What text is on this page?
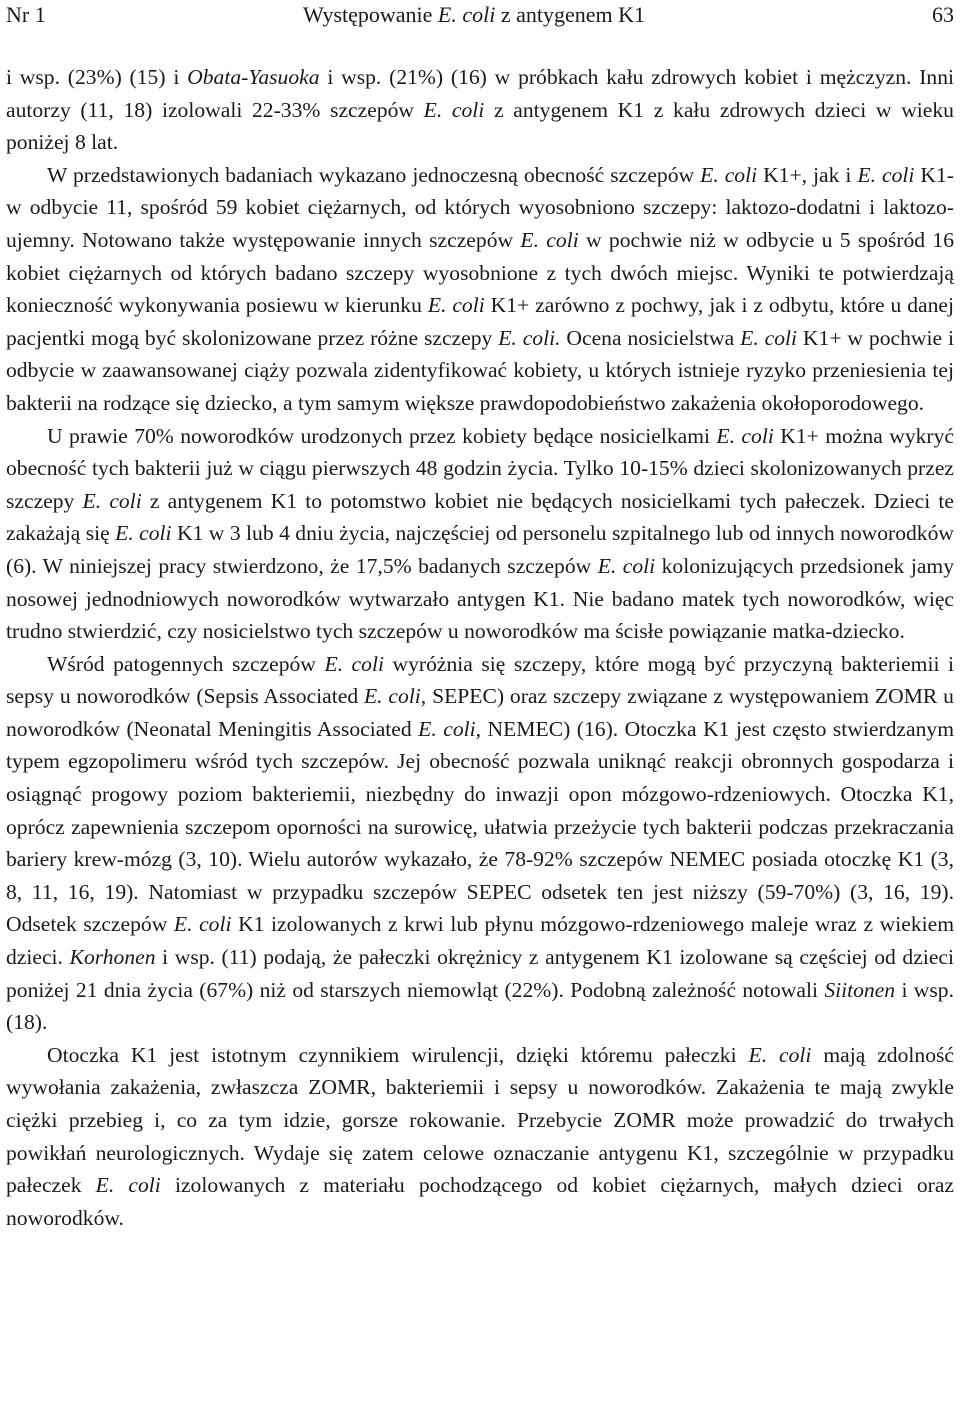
Nr 1	Występowanie E. coli z antygenem K1	63

i wsp. (23%) (15) i Obata-Yasuoka i wsp. (21%) (16) w próbkach kału zdrowych kobiet i mężczyzn. Inni autorzy (11, 18) izolowali 22-33% szczepów E. coli z antygenem K1 z kału zdrowych dzieci w wieku poniżej 8 lat.

W przedstawionych badaniach wykazano jednoczesną obecność szczepów E. coli K1+, jak i E. coli K1- w odbycie 11, spośród 59 kobiet ciężarnych, od których wyosobniono szczepy: laktozo-dodatni i laktozo-ujemny. Notowano także występowanie innych szczepów E. coli w pochwie niż w odbycie u 5 spośród 16 kobiet ciężarnych od których badano szczepy wyosobnione z tych dwóch miejsc. Wyniki te potwierdzają konieczność wykonywania posiewu w kierunku E. coli K1+ zarówno z pochwy, jak i z odbytu, które u danej pacjentki mogą być skolonizowane przez różne szczepy E. coli. Ocena nosicielstwa E. coli K1+ w pochwie i odbycie w zaawansowanej ciąży pozwala zidentyfikować kobiety, u których istnieje ryzyko przeniesienia tej bakterii na rodzące się dziecko, a tym samym większe prawdopodobieństwo zakażenia okołoporodowego.

U prawie 70% noworodków urodzonych przez kobiety będące nosicielkami E. coli K1+ można wykryć obecność tych bakterii już w ciągu pierwszych 48 godzin życia. Tylko 10-15% dzieci skolonizowanych przez szczepy E. coli z antygenem K1 to potomstwo kobiet nie będących nosicielkami tych pałeczek. Dzieci te zakażają się E. coli K1 w 3 lub 4 dniu życia, najczęściej od personelu szpitalnego lub od innych noworodków (6). W niniejszej pracy stwierdzono, że 17,5% badanych szczepów E. coli kolonizujących przedsionek jamy nosowej jednodniowych noworodków wytwarzało antygen K1. Nie badano matek tych noworodków, więc trudno stwierdzić, czy nosicielstwo tych szczepów u noworodków ma ścisłe powiązanie matka-dziecko.

Wśród patogennych szczepów E. coli wyróżnia się szczepy, które mogą być przyczyną bakteriemii i sepsy u noworodków (Sepsis Associated E. coli, SEPEC) oraz szczepy związane z występowaniem ZOMR u noworodków (Neonatal Meningitis Associated E. coli, NEMEC) (16). Otoczka K1 jest często stwierdzanym typem egzopolimeru wśród tych szczepów. Jej obecność pozwala uniknąć reakcji obronnych gospodarza i osiągnąć progowy poziom bakteriemii, niezbędny do inwazji opon mózgowo-rdzeniowych. Otoczka K1, oprócz zapewnienia szczepom oporności na surowicę, ułatwia przeżycie tych bakterii podczas przekraczania bariery krew-mózg (3, 10). Wielu autorów wykazało, że 78-92% szczepów NEMEC posiada otoczkę K1 (3, 8, 11, 16, 19). Natomiast w przypadku szczepów SEPEC odsetek ten jest niższy (59-70%) (3, 16, 19). Odsetek szczepów E. coli K1 izolowanych z krwi lub płynu mózgowo-rdzeniowego maleje wraz z wiekiem dzieci. Korhonen i wsp. (11) podają, że pałeczki okrężnicy z antygenem K1 izolowane są częściej od dzieci poniżej 21 dnia życia (67%) niż od starszych niemowląt (22%). Podobną zależność notowali Siitonen i wsp. (18).

Otoczka K1 jest istotnym czynnikiem wirulencji, dzięki któremu pałeczki E. coli mają zdolność wywołania zakażenia, zwłaszcza ZOMR, bakteriemii i sepsy u noworodków. Zakażenia te mają zwykle ciężki przebieg i, co za tym idzie, gorsze rokowanie. Przebycie ZOMR może prowadzić do trwałych powikłań neurologicznych. Wydaje się zatem celowe oznaczanie antygenu K1, szczególnie w przypadku pałeczek E. coli izolowanych z materiału pochodzącego od kobiet ciężarnych, małych dzieci oraz noworodków.
